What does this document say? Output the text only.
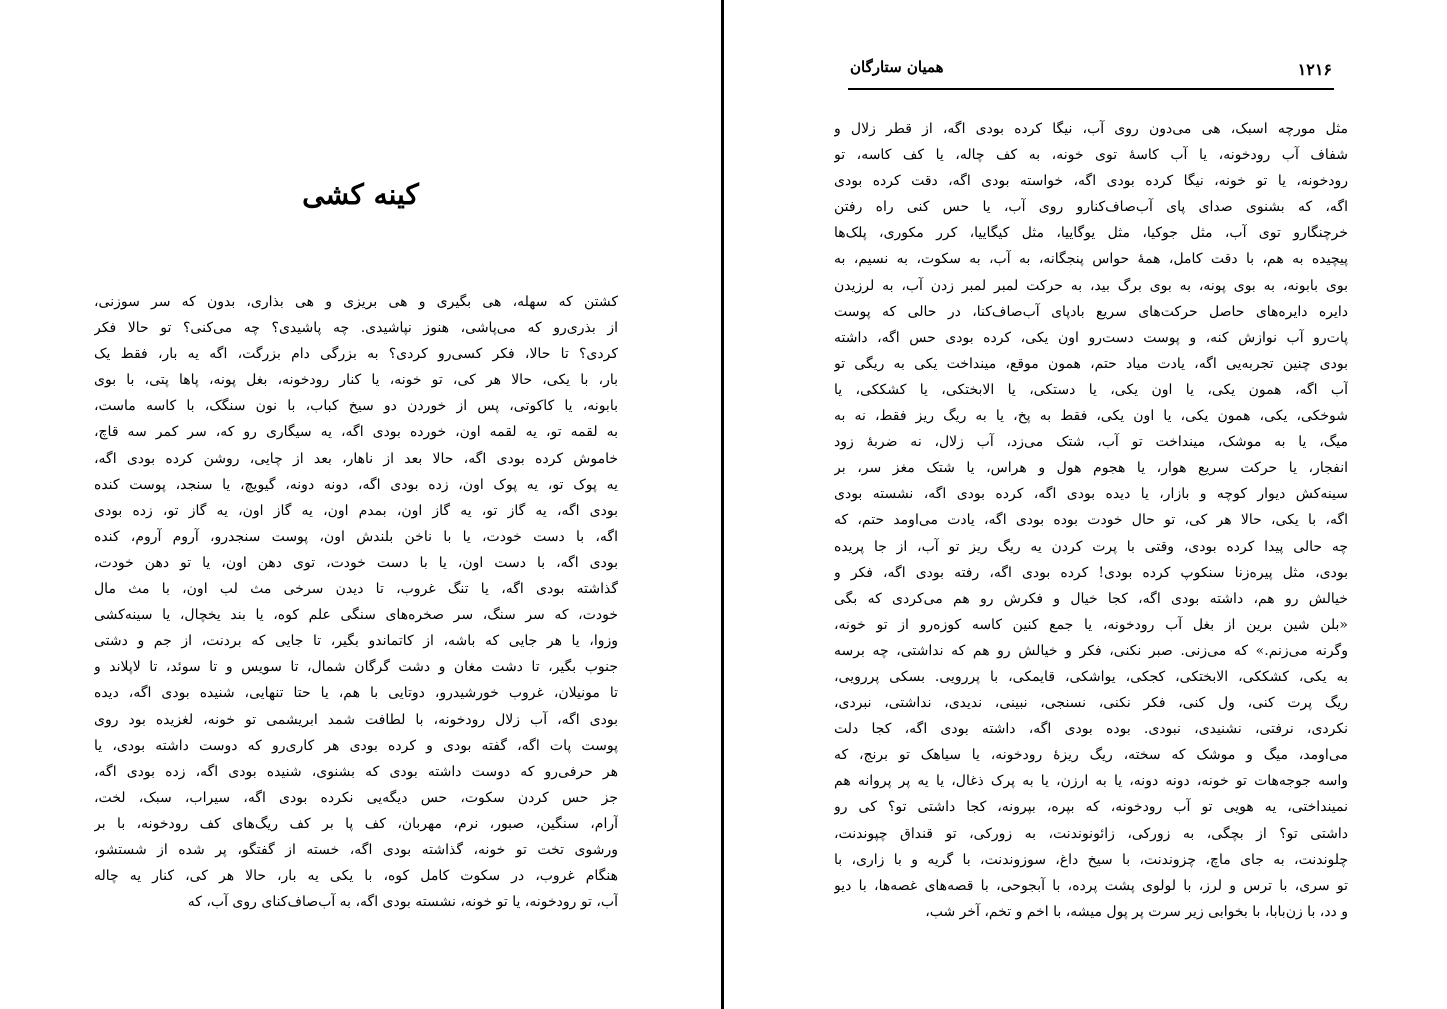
کینه کشی
کشتن که سهله، هی بگیری و هی بریزی و هی بذاری، بدون که سر سوزنی،
از بذری‌رو که می‌پاشی، هنوز نپاشیدی. چه پاشیدی؟ چه می‌کنی؟ تو حالا فکر
کردی؟ تا حالا، فکر کسی‌رو کردی؟ به بزرگی دام بزرگت، اگه یه بار، فقط یک
بار، با یکی، حالا هر کی، تو خونه، یا کنار رودخونه، بغل پونه، پاها پتی، با بوی
بابونه، یا کاکوتی، پس از خوردن دو سیخ کباب، با نون سنگک، با کاسه ماست،
به لقمه تو، یه لقمه اون، خورده بودی اگه، یه سیگاری رو که، سر کمر سه قاچ،
خاموش کرده بودی اگه، حالا بعد از ناهار، بعد از چایی، روشن کرده بودی اگه،
یه پوک تو، یه پوک اون، زده بودی اگه، دونه دونه، گیویچ، یا سنجد، پوست کنده
بودی اگه، یه گاز تو، یه گاز اون، بمدم اون، یه گاز اون، یه گاز تو، زده بودی
اگه، با دست خودت، یا با ناخن بلندش اون، پوست سنجدرو، آروم آروم، کنده
بودی اگه، با دست اون، یا با دست خودت، توی دهن اون، یا تو دهن خودت،
گذاشته بودی اگه، یا تنگ غروب، تا دیدن سرخی مث لب اون، با مث مال
خودت، که سر سنگ، سر صخره‌های سنگی علم کوه، یا بند یخچال، یا سینه‌کشی
وزوا، یا هر جایی که باشه، از کاتماندو بگیر، تا جایی که بردنت، از جم و دشتی
جنوب بگیر، تا دشت مغان و دشت گرگان شمال، تا سویس و تا سوئد، تا لاپلاند و
تا مونیلان، غروب خورشیدرو، دوتایی با هم، یا حتا تنهایی، شنیده بودی اگه، دیده
بودی اگه، آب زلال رودخونه، با لطافت شمد ابریشمی تو خونه، لغزیده بود روی
پوست پات اگه، گفته بودی و کرده بودی هر کاری‌رو که دوست داشته بودی، یا
هر حرفی‌رو که دوست داشته بودی که بشنوی، شنیده بودی اگه، زده بودی اگه،
جز حس کردن سکوت، حس دیگه‌یی نکرده بودی اگه، سیراب، سبک، لخت،
آرام، سنگین، صبور، نرم، مهربان، کف پا بر کف ریگ‌های کف رودخونه، با بر
ورشوی تخت تو خونه، گذاشته بودی اگه، خسته از گفتگو، پر شده از شستشو،
هنگام غروب، در سکوت کامل کوه، با یکی یه بار، حالا هر کی، کنار یه چاله
آب، تو رودخونه، یا تو خونه، نشسته بودی اگه، به آب‌صاف‌کنای روی آب، که
۱۲۱۶
همیان ستارگان
مثل مورچه اسبک، هی می‌دون روی آب، نیگا کرده بودی اگه، از قطر زلال و
شفاف آب رودخونه، یا آب کاسهٔ توی خونه، به کف چاله، یا کف کاسه، تو
رودخونه، یا تو خونه، نیگا کرده بودی اگه، خواسته بودی اگه، دقت کرده بودی
اگه، که بشنوی صدای پای آب‌صاف‌کنارو روی آب، یا حس کنی راه رفتن
خرچنگارو توی آب، مثل جوکیا، مثل یوگاییا، مثل کیگاییا، کرر مکوری، پلک‌ها
پیچیده به هم، با دقت کامل، همهٔ حواس پنجگانه، به آب، به سکوت، به نسیم، به
بوی بابونه، به بوی پونه، به بوی برگ بید، به حرکت لمبر لمبر زدن آب، به لرزیدن
دایره دایره‌های حاصل حرکت‌های سریع بادپای آب‌صاف‌کنا، در حالی که پوست
پات‌رو آب نوازش کنه، و پوست دست‌رو اون یکی، کرده بودی حس اگه، داشته
بودی چنین تجربه‌یی اگه، یادت میاد حتم، همون موقع، مینداخت یکی به ریگی تو
آب اگه، همون یکی، یا اون یکی، یا دستکی، یا الابختکی، یا کشککی، یا
شوخکی، یکی، همون یکی، یا اون یکی، فقط به پخ، یا به ریگ ریز فقط، نه به
میگ، یا به موشک، مینداخت تو آب، شتک می‌زد، آب زلال، نه ضربهٔ زود
انفجار، یا حرکت سریع هوار، یا هجوم هول و هراس، یا شتک مغز سر، بر
سینه‌کش دیوار کوچه و بازار، یا دیده بودی اگه، کرده بودی اگه، نشسته بودی
اگه، با یکی، حالا هر کی، تو حال خودت بوده بودی اگه، یادت می‌اومد حتم، که
چه حالی پیدا کرده بودی، وقتی با پرت کردن یه ریگ ریز تو آب، از جا پریده
بودی، مثل پیره‌زنا سنکوپ کرده بودی! کرده بودی اگه، رفته بودی اگه، فکر و
خیالش رو هم، داشته بودی اگه، کجا خیال و فکرش رو هم می‌کردی که بگی
«بلن شین برین از بغل آب رودخونه، یا جمع کنین کاسه کوزه‌رو از تو خونه،
وگرنه می‌زنم.» که می‌زنی. صبر نکنی، فکر و خیالش رو هم که نداشتی، چه برسه
به یکی، کشککی، الابختکی، کجکی، یواشکی، قایمکی، با پررویی. بسکی پررویی،
ریگ پرت کنی، ول کنی، فکر نکنی، نسنجی، نبینی، ندیدی، نداشتی، نبردی،
نکردی، نرفتی، نشنیدی، نبودی. بوده بودی اگه، داشته بودی اگه، کجا دلت
می‌اومد، میگ و موشک که سخته، ریگ ریزهٔ رودخونه، یا سیاهک تو برنج، که
واسه جوجه‌هات تو خونه، دونه دونه، یا به ارزن، یا به پرک ذغال، یا یه پر پروانه هم
نمینداختی، یه هویی تو آب رودخونه، که بپره، بپرونه، کجا داشتی تو؟ کی رو
داشتی تو؟ از بچگی، به زورکی، زائونوندنت، به زورکی، تو قنداق چپوندنت،
چلوندنت، به جای ماچ، چزوندنت، با سیخ داغ، سوزوندنت، با گریه و با زاری، با
تو سری، با ترس و لرز، با لولوی پشت پرده، با آبجوحی، با قصه‌های غصه‌ها، با دیو
و دد، با زن‌بابا، با بخوابی زیر سرت پر پول میشه، با اخم و تخم، آخر شب،
